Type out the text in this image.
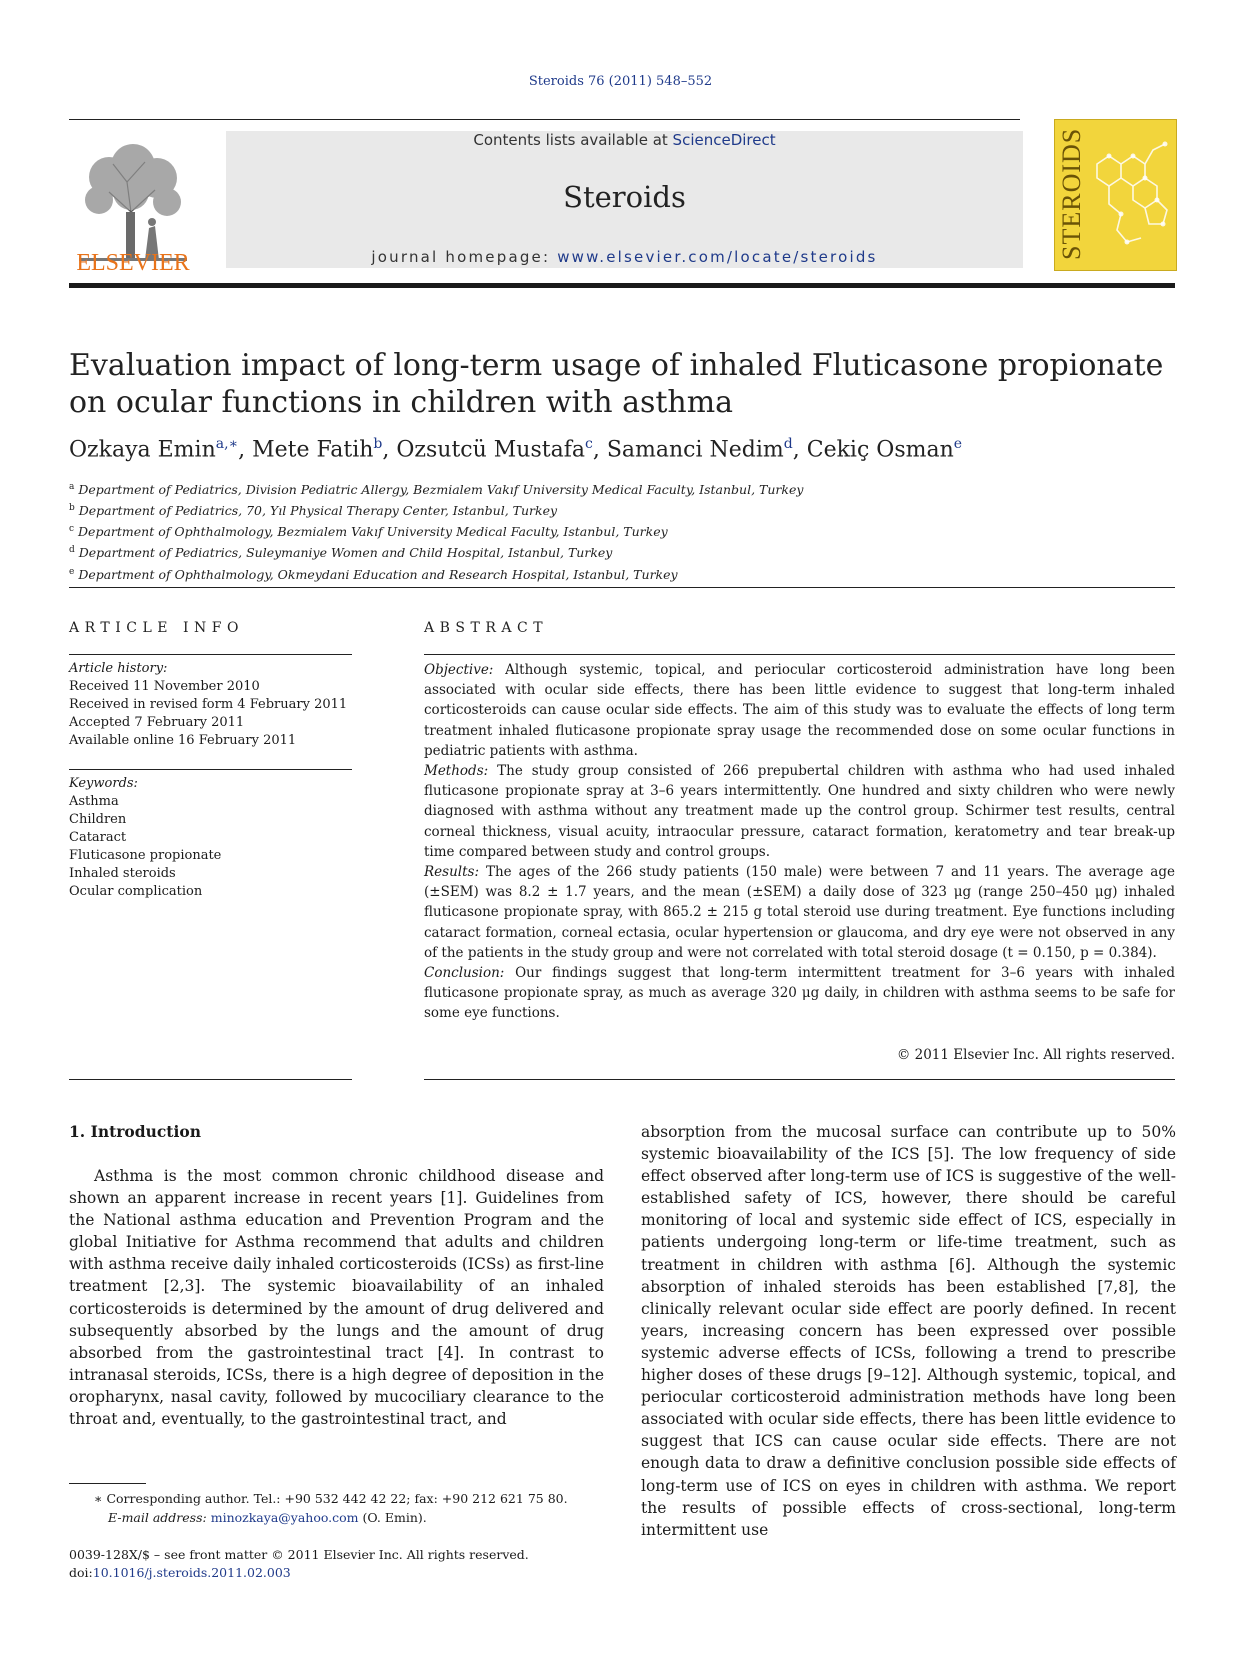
Steroids 76 (2011) 548–552
ELSEVIER
Contents lists available at ScienceDirect
Steroids
journal homepage: www.elsevier.com/locate/steroids	STEROIDS
Evaluation impact of long-term usage of inhaled Fluticasone propionate on ocular functions in children with asthma
Ozkaya Emin$^{a,∗}$, Mete Fatih$^b$, Ozsutcü Mustafa$^c$, Samanci Nedim$^d$, Cekiç Osman$^e$
$^a$ Department of Pediatrics, Division Pediatric Allergy, Bezmialem Vakıf University Medical Faculty, Istanbul, Turkey
$^b$ Department of Pediatrics, 70, Yıl Physical Therapy Center, Istanbul, Turkey
$^c$ Department of Ophthalmology, Bezmialem Vakıf University Medical Faculty, Istanbul, Turkey
$^d$ Department of Pediatrics, Suleymaniye Women and Child Hospital, Istanbul, Turkey
$^e$ Department of Ophthalmology, Okmeydani Education and Research Hospital, Istanbul, Turkey
ARTICLE INFO
Article history:
Received 11 November 2010
Received in revised form 4 February 2011
Accepted 7 February 2011
Available online 16 February 2011
Keywords:
Asthma
Children
Cataract
Fluticasone propionate
Inhaled steroids
Ocular complication
ABSTRACT

Objective: Although systemic, topical, and periocular corticosteroid administration have long been associated with ocular side effects, there has been little evidence to suggest that long-term inhaled corticosteroids can cause ocular side effects. The aim of this study was to evaluate the effects of long term treatment inhaled fluticasone propionate spray usage the recommended dose on some ocular functions in pediatric patients with asthma.

Methods: The study group consisted of 266 prepubertal children with asthma who had used inhaled fluticasone propionate spray at 3–6 years intermittently. One hundred and sixty children who were newly diagnosed with asthma without any treatment made up the control group. Schirmer test results, central corneal thickness, visual acuity, intraocular pressure, cataract formation, keratometry and tear break-up time compared between study and control groups.

Results: The ages of the 266 study patients (150 male) were between 7 and 11 years. The average age (±SEM) was 8.2 ± 1.7 years, and the mean (±SEM) a daily dose of 323 μg (range 250–450 μg) inhaled fluticasone propionate spray, with 865.2 ± 215 g total steroid use during treatment. Eye functions including cataract formation, corneal ectasia, ocular hypertension or glaucoma, and dry eye were not observed in any of the patients in the study group and were not correlated with total steroid dosage (t = 0.150, p = 0.384).

Conclusion: Our findings suggest that long-term intermittent treatment for 3–6 years with inhaled fluticasone propionate spray, as much as average 320 μg daily, in children with asthma seems to be safe for some eye functions.

© 2011 Elsevier Inc. All rights reserved.
1. Introduction

Asthma is the most common chronic childhood disease and shown an apparent increase in recent years [1]. Guidelines from the National asthma education and Prevention Program and the global Initiative for Asthma recommend that adults and children with asthma receive daily inhaled corticosteroids (ICSs) as first-line treatment [2,3]. The systemic bioavailability of an inhaled corticosteroids is determined by the amount of drug delivered and subsequently absorbed by the lungs and the amount of drug absorbed from the gastrointestinal tract [4]. In contrast to intranasal steroids, ICSs, there is a high degree of deposition in the oropharynx, nasal cavity, followed by mucociliary clearance to the throat and, eventually, to the gastrointestinal tract, and

absorption from the mucosal surface can contribute up to 50% systemic bioavailability of the ICS [5]. The low frequency of side effect observed after long-term use of ICS is suggestive of the well-established safety of ICS, however, there should be careful monitoring of local and systemic side effect of ICS, especially in patients undergoing long-term or life-time treatment, such as treatment in children with asthma [6]. Although the systemic absorption of inhaled steroids has been established [7,8], the clinically relevant ocular side effect are poorly defined. In recent years, increasing concern has been expressed over possible systemic adverse effects of ICSs, following a trend to prescribe higher doses of these drugs [9–12]. Although systemic, topical, and periocular corticosteroid administration methods have long been associated with ocular side effects, there has been little evidence to suggest that ICS can cause ocular side effects. There are not enough data to draw a definitive conclusion possible side effects of long-term use of ICS on eyes in children with asthma. We report the results of possible effects of cross-sectional, long-term intermittent use

∗ Corresponding author. Tel.: +90 532 442 42 22; fax: +90 212 621 75 80.
E-mail address: minozkaya@yahoo.com (O. Emin).
0039-128X/$ – see front matter © 2011 Elsevier Inc. All rights reserved.
doi:10.1016/j.steroids.2011.02.003
